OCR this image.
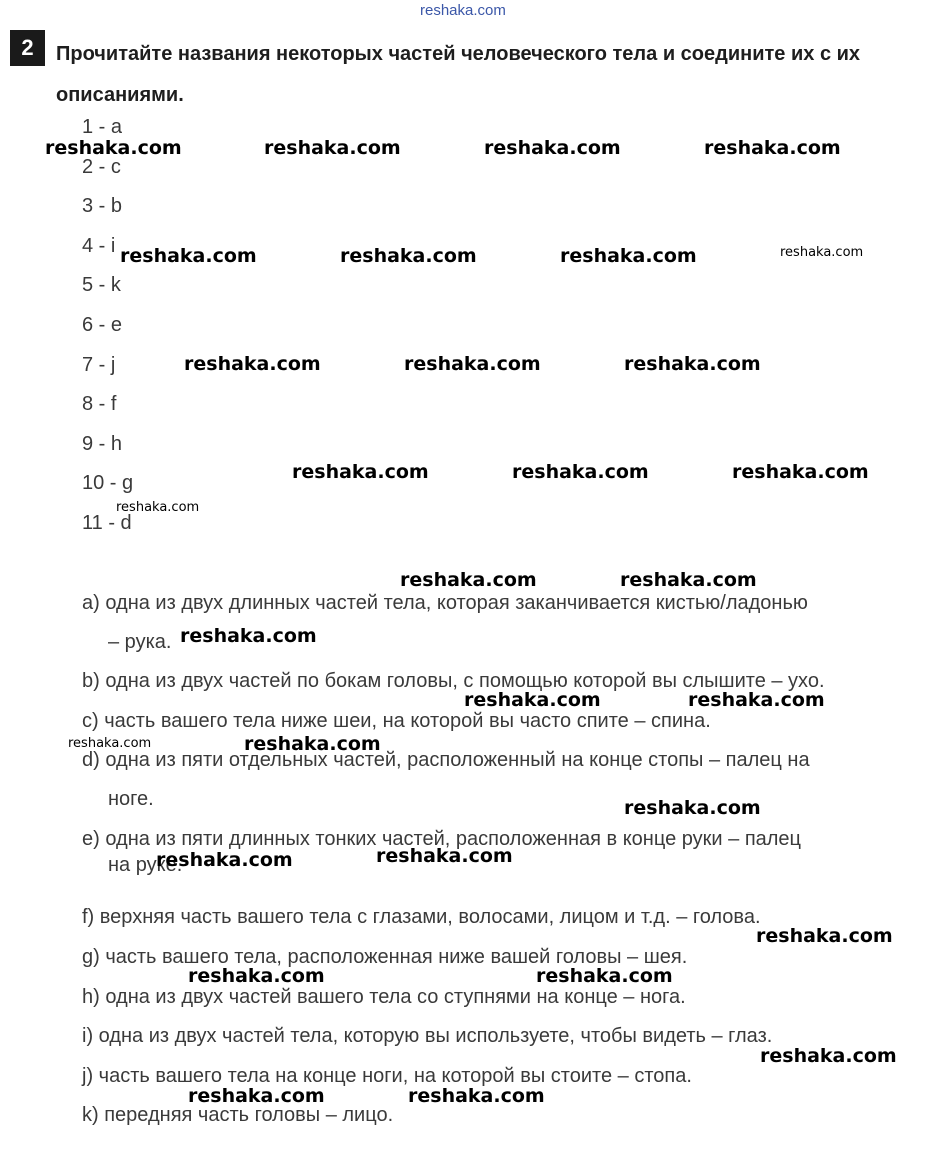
reshaka.com
2	Прочитайте названия некоторых частей человеческого тела и соедините их с их описаниями.
1 - a
2 - c
3 - b
4 - i
5 - k
6 - e
7 - j
8 - f
9 - h
10 - g
11 - d
a) одна из двух длинных частей тела, которая заканчивается кистью/ладонью
– рука.
b) одна из двух частей по бокам головы, с помощью которой вы слышите – ухо.
c) часть вашего тела ниже шеи, на которой вы часто спите – спина.
d) одна из пяти отдельных частей, расположенный на конце стопы – палец на
ноге.
e) одна из пяти длинных тонких частей, расположенная в конце руки – палец
на руке.
f) верхняя часть вашего тела с глазами, волосами, лицом и т.д. – голова.
g) часть вашего тела, расположенная ниже вашей головы – шея.
h) одна из двух частей вашего тела со ступнями на конце – нога.
i) одна из двух частей тела, которую вы используете, чтобы видеть – глаз.
j) часть вашего тела на конце ноги, на которой вы стоите – стопа.
k) передняя часть головы – лицо.
reshaka.com	reshaka.com	reshaka.com	reshaka.com
reshaka.com	reshaka.com	reshaka.com	reshaka.com
reshaka.com	reshaka.com	reshaka.com
reshaka.com	reshaka.com	reshaka.com
reshaka.com
reshaka.com	reshaka.com
reshaka.com
reshaka.com	reshaka.com
reshaka.com	reshaka.com
reshaka.com
reshaka.com	reshaka.com
reshaka.com
reshaka.com	reshaka.com
reshaka.com
reshaka.com	reshaka.com
